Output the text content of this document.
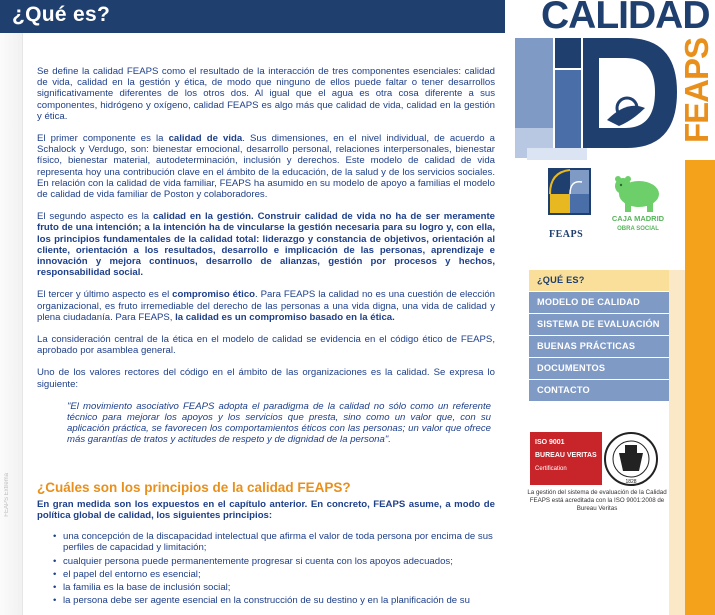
¿Qué es?
FEAPS Extrema

Se define la calidad FEAPS como el resultado de la interacción de tres componentes esenciales: calidad de vida, calidad en la gestión y ética, de modo que ninguno de ellos puede faltar o tener desarrollos significativamente diferentes de los otros dos. Al igual que el agua es otra cosa diferente a sus componentes, hidrógeno y oxígeno, calidad FEAPS es algo más que calidad de vida, calidad en la gestión y ética.

El primer componente es la calidad de vida. Sus dimensiones, en el nivel individual, de acuerdo a Schalock y Verdugo, son: bienestar emocional, desarrollo personal, relaciones interpersonales, bienestar físico, bienestar material, autodeterminación, inclusión y derechos. Este modelo de calidad de vida representa hoy una contribución clave en el ámbito de la educación, de la salud y de los servicios sociales. En relación con la calidad de vida familiar, FEAPS ha asumido en su modelo de apoyo a familias el modelo de calidad de vida familiar de Poston y colaboradores.

El segundo aspecto es la calidad en la gestión. Construir calidad de vida no ha de ser meramente fruto de una intención; a la intención ha de vincularse la gestión necesaria para su logro y, con ella, los principios fundamentales de la calidad total: liderazgo y constancia de objetivos, orientación al cliente, orientación a los resultados, desarrollo e implicación de las personas, aprendizaje e innovación y mejora continuos, desarrollo de alianzas, gestión por procesos y hechos, responsabilidad social.

El tercer y último aspecto es el compromiso ético. Para FEAPS la calidad no es una cuestión de elección organizacional, es fruto irremediable del derecho de las personas a una vida digna, una vida de calidad y plena ciudadanía. Para FEAPS, la calidad es un compromiso basado en la ética.

La consideración central de la ética en el modelo de calidad se evidencia en el código ético de FEAPS, aprobado por asamblea general.

Uno de los valores rectores del código en el ámbito de las organizaciones es la calidad. Se expresa lo siguiente:

"El movimiento asociativo FEAPS adopta el paradigma de la calidad no sólo como un referente técnico para mejorar los apoyos y los servicios que presta, sino como un valor que, con su aplicación práctica, se favorecen los comportamientos éticos con las personas; un valor que ofrece más garantías de tratos y actitudes de respeto y de dignidad de la persona".

¿Cuáles son los principios de la calidad FEAPS?

En gran medida son los expuestos en el capítulo anterior. En concreto, FEAPS asume, a modo de política global de calidad, los siguientes principios:

• una concepción de la discapacidad intelectual que afirma el valor de toda persona por encima de sus perfiles de capacidad y limitación;
• cualquier persona puede permanentemente progresar si cuenta con los apoyos adecuados;
• el papel del entorno es esencial;
• la familia es la base de inclusión social;
• la persona debe ser agente esencial en la construcción de su destino y en la planificación de su
CALIDAD
FEAPS
FEAPS
CAJA MADRID
OBRA SOCIAL
¿QUÉ ES?
MODELO DE CALIDAD
SISTEMA DE EVALUACIÓN
BUENAS PRÁCTICAS
DOCUMENTOS
CONTACTO
ISO 9001
BUREAU VERITAS
Certification
1828
La gestión del sistema de evaluación de la Calidad FEAPS está acreditada con la ISO 9001:2008 de Bureau Veritas
